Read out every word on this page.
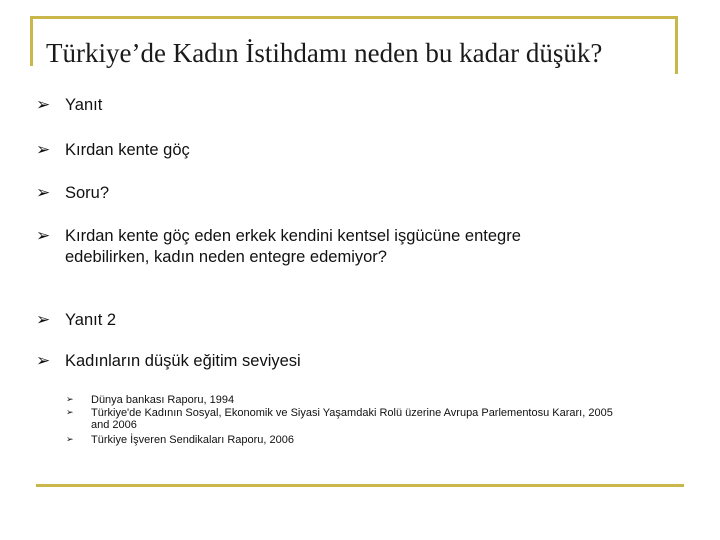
Türkiye’de Kadın İstihdamı neden bu kadar düşük?
➢ Yanıt
➢ Kırdan kente göç
➢ Soru?
➢ Kırdan kente göç eden erkek kendini kentsel işgücüne entegre
edebilirken, kadın neden entegre edemiyor?
➢ Yanıt 2
➢ Kadınların düşük eğitim seviyesi
➢ Dünya bankası Raporu, 1994
➢ Türkiye'de Kadının Sosyal, Ekonomik ve Siyasi Yaşamdaki Rolü üzerine Avrupa Parlementosu Kararı, 2005
and 2006
➢ Türkiye İşveren Sendikaları Raporu, 2006
